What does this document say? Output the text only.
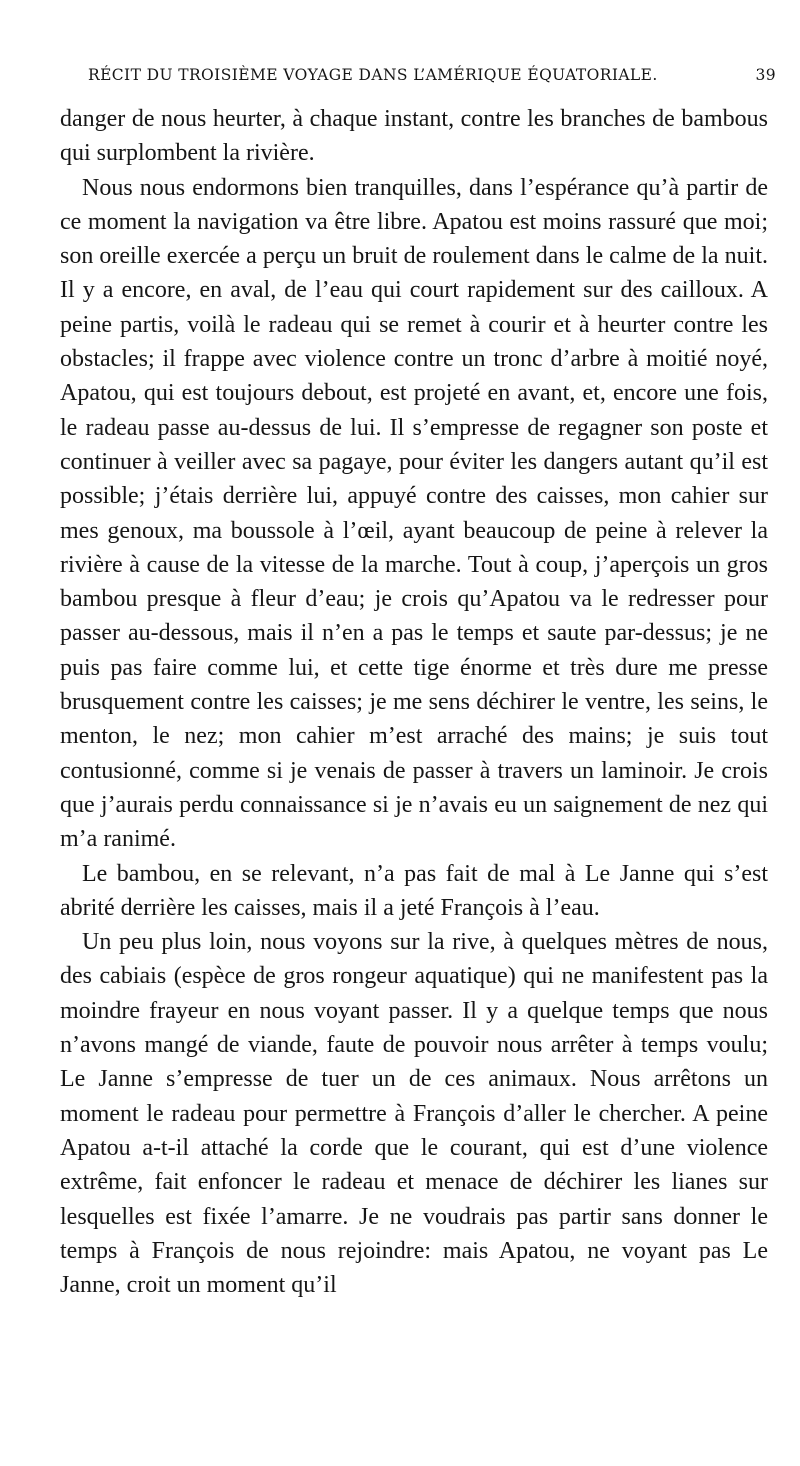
RÉCIT DU TROISIÈME VOYAGE DANS L’AMÉRIQUE ÉQUATORIALE.	39

danger de nous heurter, à chaque instant, contre les branches de bambous qui surplombent la rivière.

Nous nous endormons bien tranquilles, dans l’espérance qu’à partir de ce moment la navigation va être libre. Apatou est moins rassuré que moi; son oreille exercée a perçu un bruit de roulement dans le calme de la nuit. Il y a encore, en aval, de l’eau qui court rapidement sur des cailloux. A peine partis, voilà le radeau qui se remet à courir et à heurter contre les obstacles; il frappe avec violence contre un tronc d’arbre à moitié noyé, Apatou, qui est toujours debout, est projeté en avant, et, encore une fois, le radeau passe au-dessus de lui. Il s’empresse de regagner son poste et continuer à veiller avec sa pagaye, pour éviter les dangers autant qu’il est possible; j’étais derrière lui, appuyé contre des caisses, mon cahier sur mes genoux, ma boussole à l’œil, ayant beaucoup de peine à relever la rivière à cause de la vitesse de la marche. Tout à coup, j’aperçois un gros bambou presque à fleur d’eau; je crois qu’Apatou va le redresser pour passer au-dessous, mais il n’en a pas le temps et saute par-dessus; je ne puis pas faire comme lui, et cette tige énorme et très dure me presse brusquement contre les caisses; je me sens déchirer le ventre, les seins, le menton, le nez; mon cahier m’est arraché des mains; je suis tout contusionné, comme si je venais de passer à travers un laminoir. Je crois que j’aurais perdu connaissance si je n’avais eu un saignement de nez qui m’a ranimé.

Le bambou, en se relevant, n’a pas fait de mal à Le Janne qui s’est abrité derrière les caisses, mais il a jeté François à l’eau.

Un peu plus loin, nous voyons sur la rive, à quelques mètres de nous, des cabiais (espèce de gros rongeur aquatique) qui ne manifestent pas la moindre frayeur en nous voyant passer. Il y a quelque temps que nous n’avons mangé de viande, faute de pouvoir nous arrêter à temps voulu; Le Janne s’empresse de tuer un de ces animaux. Nous arrêtons un moment le radeau pour permettre à François d’aller le chercher. A peine Apatou a-t-il attaché la corde que le courant, qui est d’une violence extrême, fait enfoncer le radeau et menace de déchirer les lianes sur lesquelles est fixée l’amarre. Je ne voudrais pas partir sans donner le temps à François de nous rejoindre: mais Apatou, ne voyant pas Le Janne, croit un moment qu’il
